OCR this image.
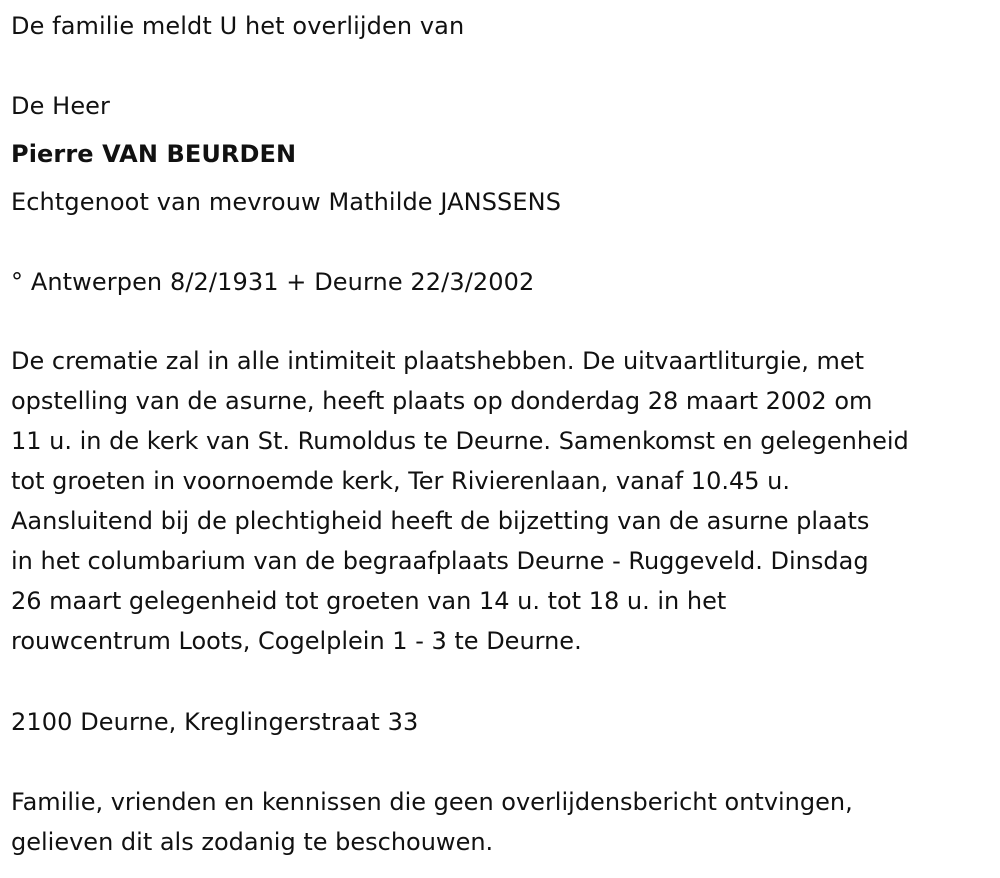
De familie meldt U het overlijden van

De Heer

Pierre VAN BEURDEN

Echtgenoot van mevrouw Mathilde JANSSENS

° Antwerpen 8/2/1931 + Deurne 22/3/2002

De crematie zal in alle intimiteit plaatshebben. De uitvaartliturgie, met
opstelling van de asurne, heeft plaats op donderdag 28 maart 2002 om
11 u. in de kerk van St. Rumoldus te Deurne. Samenkomst en gelegenheid
tot groeten in voornoemde kerk, Ter Rivierenlaan, vanaf 10.45 u.
Aansluitend bij de plechtigheid heeft de bijzetting van de asurne plaats
in het columbarium van de begraafplaats Deurne - Ruggeveld. Dinsdag
26 maart gelegenheid tot groeten van 14 u. tot 18 u. in het
rouwcentrum Loots, Cogelplein 1 - 3 te Deurne.

2100 Deurne, Kreglingerstraat 33

Familie, vrienden en kennissen die geen overlijdensbericht ontvingen,
gelieven dit als zodanig te beschouwen.
